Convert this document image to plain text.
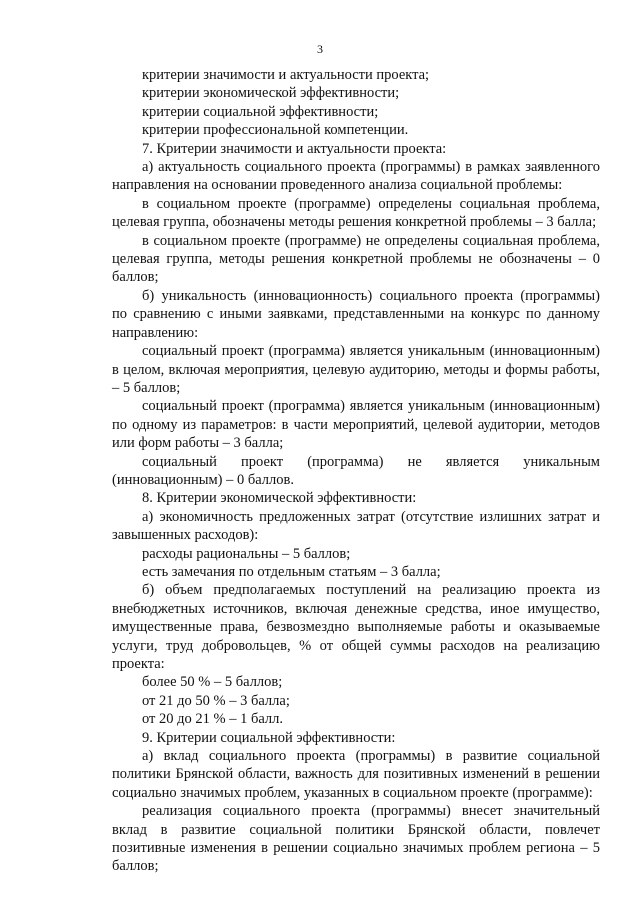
3

критерии значимости и актуальности проекта;

критерии экономической эффективности;

критерии социальной эффективности;

критерии профессиональной компетенции.

7. Критерии значимости и актуальности проекта:

а) актуальность социального проекта (программы) в рамках заявленного направления на основании проведенного анализа социальной проблемы:

в социальном проекте (программе) определены социальная проблема, целевая группа, обозначены методы решения конкретной проблемы – 3 балла;

в социальном проекте (программе) не определены социальная проблема, целевая группа, методы решения конкретной проблемы не обозначены – 0 баллов;

б) уникальность (инновационность) социального проекта (программы) по сравнению с иными заявками, представленными на конкурс по данному направлению:

социальный проект (программа) является уникальным (инновационным) в целом, включая мероприятия, целевую аудиторию, методы и формы работы, – 5 баллов;

социальный проект (программа) является уникальным (инновационным) по одному из параметров: в части мероприятий, целевой аудитории, методов или форм работы – 3 балла;

социальный проект (программа) не является уникальным (инновационным) – 0 баллов.

8. Критерии экономической эффективности:

а) экономичность предложенных затрат (отсутствие излишних затрат и завышенных расходов):

расходы рациональны – 5 баллов;

есть замечания по отдельным статьям – 3 балла;

б) объем предполагаемых поступлений на реализацию проекта из внебюджетных источников, включая денежные средства, иное имущество, имущественные права, безвозмездно выполняемые работы и оказываемые услуги, труд добровольцев, % от общей суммы расходов на реализацию проекта:

более 50 % – 5 баллов;

от 21 до 50 % – 3 балла;

от 20 до 21 % – 1 балл.

9. Критерии социальной эффективности:

а) вклад социального проекта (программы) в развитие социальной политики Брянской области, важность для позитивных изменений в решении социально значимых проблем, указанных в социальном проекте (программе):

реализация социального проекта (программы) внесет значительный вклад в развитие социальной политики Брянской области, повлечет позитивные изменения в решении социально значимых проблем региона – 5 баллов;
